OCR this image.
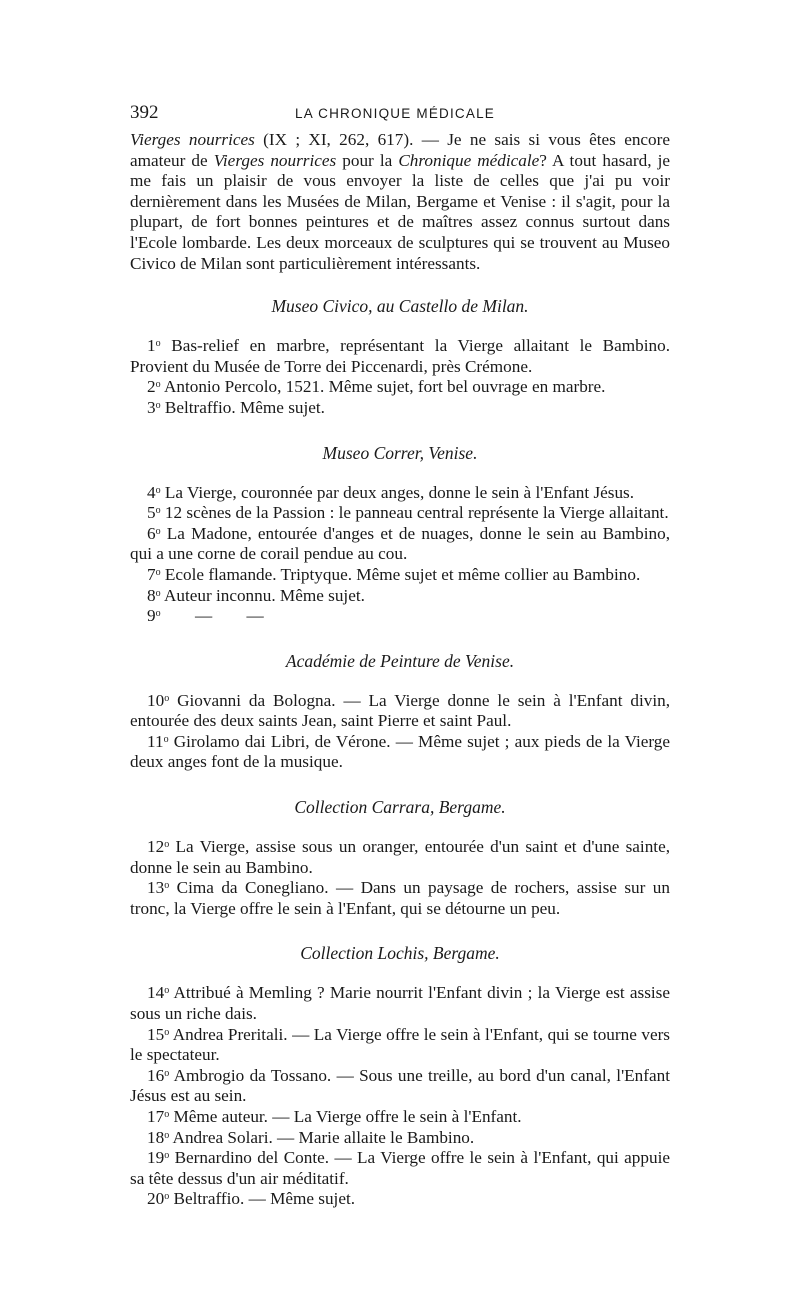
392	LA CHRONIQUE MÉDICALE

Vierges nourrices (IX ; XI, 262, 617). — Je ne sais si vous êtes encore amateur de Vierges nourrices pour la Chronique médicale? A tout hasard, je me fais un plaisir de vous envoyer la liste de celles que j'ai pu voir dernièrement dans les Musées de Milan, Bergame et Venise : il s'agit, pour la plupart, de fort bonnes peintures et de maîtres assez connus surtout dans l'Ecole lombarde. Les deux morceaux de sculptures qui se trouvent au Museo Civico de Milan sont particulièrement intéressants.

Museo Civico, au Castello de Milan.

1$^o$ Bas-relief en marbre, représentant la Vierge allaitant le Bambino. Provient du Musée de Torre dei Piccenardi, près Crémone.

2$^o$ Antonio Percolo, 1521. Même sujet, fort bel ouvrage en marbre.

3$^o$ Beltraffio. Même sujet.

Museo Correr, Venise.

4$^o$ La Vierge, couronnée par deux anges, donne le sein à l'Enfant Jésus.

5$^o$ 12 scènes de la Passion : le panneau central représente la Vierge allaitant.

6$^o$ La Madone, entourée d'anges et de nuages, donne le sein au Bambino, qui a une corne de corail pendue au cou.

7$^o$ Ecole flamande. Triptyque. Même sujet et même collier au Bambino.

8$^o$ Auteur inconnu. Même sujet.

9$^o$        —        —

Académie de Peinture de Venise.

10$^o$ Giovanni da Bologna. — La Vierge donne le sein à l'Enfant divin, entourée des deux saints Jean, saint Pierre et saint Paul.

11$^o$ Girolamo dai Libri, de Vérone. — Même sujet ; aux pieds de la Vierge deux anges font de la musique.

Collection Carrara, Bergame.

12$^o$ La Vierge, assise sous un oranger, entourée d'un saint et d'une sainte, donne le sein au Bambino.

13$^o$ Cima da Conegliano. — Dans un paysage de rochers, assise sur un tronc, la Vierge offre le sein à l'Enfant, qui se détourne un peu.

Collection Lochis, Bergame.

14$^o$ Attribué à Memling ? Marie nourrit l'Enfant divin ; la Vierge est assise sous un riche dais.

15$^o$ Andrea Preritali. — La Vierge offre le sein à l'Enfant, qui se tourne vers le spectateur.

16$^o$ Ambrogio da Tossano. — Sous une treille, au bord d'un canal, l'Enfant Jésus est au sein.

17$^o$ Même auteur. — La Vierge offre le sein à l'Enfant.

18$^o$ Andrea Solari. — Marie allaite le Bambino.

19$^o$ Bernardino del Conte. — La Vierge offre le sein à l'Enfant, qui appuie sa tête dessus d'un air méditatif.

20$^o$ Beltraffio. — Même sujet.
